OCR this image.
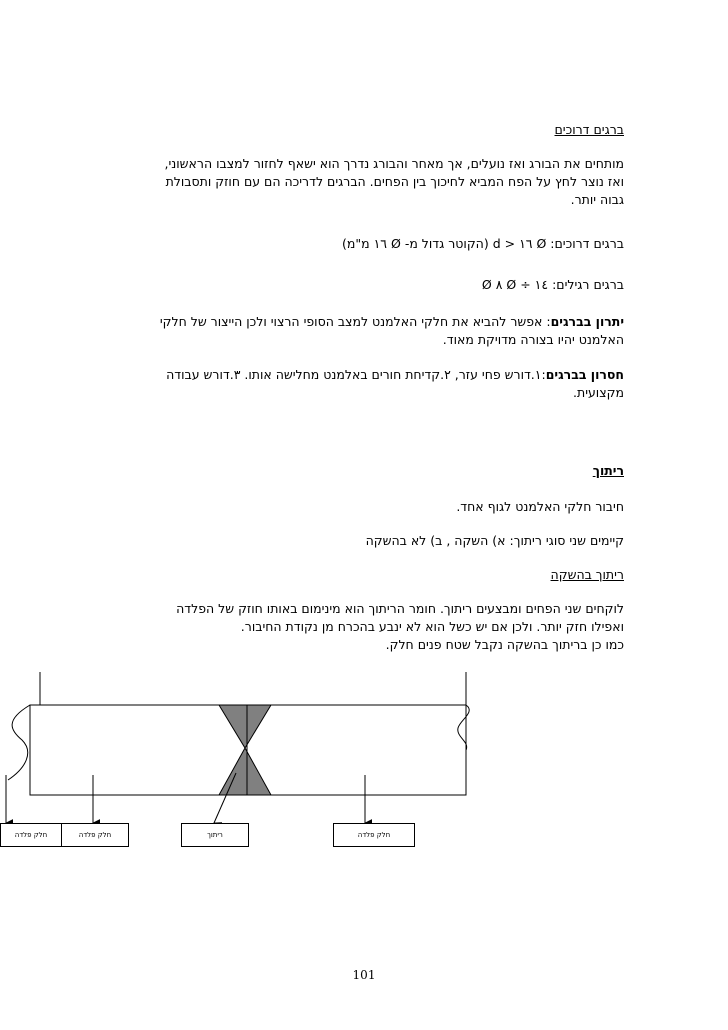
ברגים דרוכים
מותחים את הבורג ואז נועלים, אך מאחר והבורג נדרך הוא ישאף לחזור למצבו הראשוני,
ואז נוצר לחץ על הפח המביא לחיכוך בין הפחים. הברגים לדריכה הם עם חוזק ותסבולת
גבוה יותר.
ברגים דרוכים: Ø ١٦ < d (הקוטר גדול מ- Ø ١٦ מ"מ)
ברגים רגילים: ١٤ ÷ Ø ٨ Ø
יתרון בברגים: אפשר להביא את חלקי האלמנט למצב הסופי הרצוי ולכן הייצור של חלקי
האלמנט יהיו בצורה מדויקת מאוד.
חסרון בברגים:١.דורש פחי עזר, ٢.קדיחת חורים באלמנט מחלישה אותו. ٣.דורש עבודה
מקצועית.
ריתוך
חיבור חלקי האלמנט לגוף אחד.
קיימים שני סוגי ריתוך: א) השקה , ב) לא בהשקה
ריתוך בהשקה
לוקחים שני הפחים ומבצעים ריתוך. חומר הריתוך הוא מינימום באותו חוזק של הפלדה
ואפילו חזק יותר. ולכן אם יש כשל הוא לא ינבע בהכרח מן נקודת החיבור.
כמו כן בריתוך בהשקה נקבל שטח פנים חלק.
חלק פלדה	חלק פלדה	ריתוך	חלק פלדה
101
